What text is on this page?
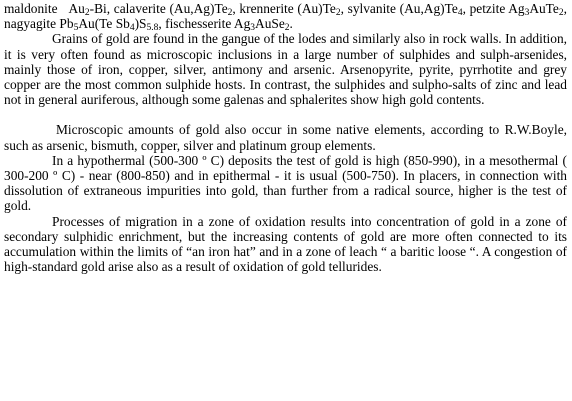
maldonite $Au_2-Bi$, calaverite $(Au,Ag)Te_2$, krennerite $(Au)Te_2$, sylvanite $(Au,Ag)Te_4$, petzite $Ag_3AuTe_2$, nagyagite $Pb_5Au(Te$ $Sb_4)S_{5.8}$, fischesserite $Ag_3AuSe_2$.

Grains of gold are found in the gangue of the lodes and similarly also in rock walls. In addition, it is very often found as microscopic inclusions in a large number of sulphides and sulph-arsenides, mainly those of iron, copper, silver, antimony and arsenic. Arsenopyrite, pyrite, pyrrhotite and grey copper are the most common sulphide hosts. In contrast, the sulphides and sulpho-salts of zinc and lead not in general auriferous, although some galenas and sphalerites show high gold contents.

Microscopic amounts of gold also occur in some native elements, according to R.W.Boyle, such as arsenic, bismuth, copper, silver and platinum group elements.

In a hypothermal (500-300 º C) deposits the test of gold is high (850-990), in a mesothermal ( 300-200 º C) - near (800-850) and in epithermal - it is usual (500-750). In placers, in connection with dissolution of extraneous impurities into gold, than further from a radical source, higher is the test of gold.

Processes of migration in a zone of oxidation results into concentration of gold in a zone of secondary sulphidic enrichment, but the increasing contents of gold are more often connected to its accumulation within the limits of “an iron hat” and in a zone of leach “ a baritic loose “. A congestion of high-standard gold arise also as a result of oxidation of gold tellurides.
